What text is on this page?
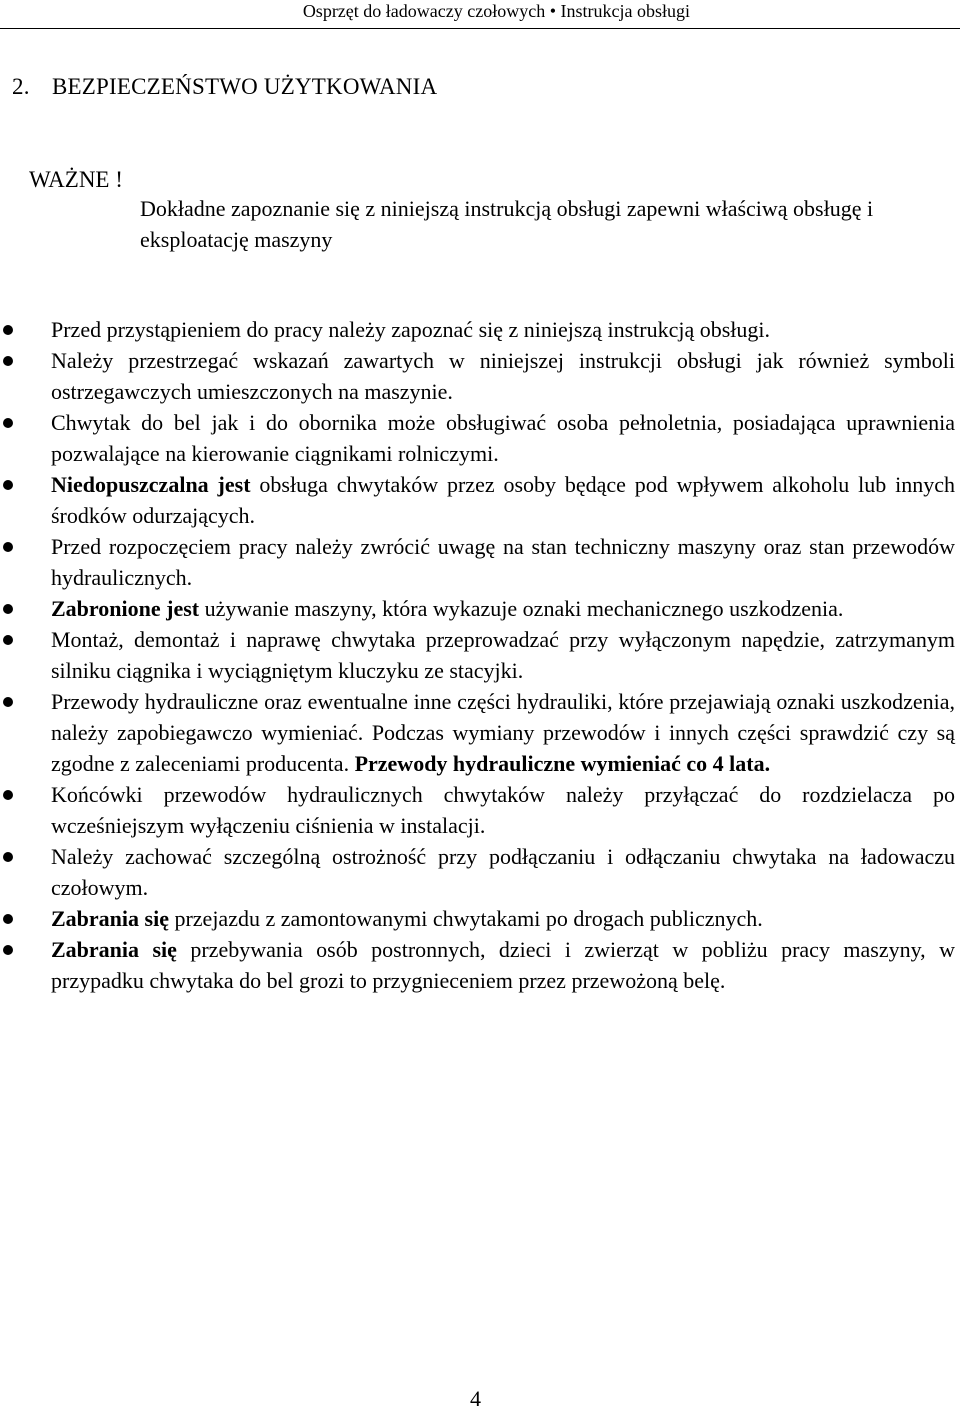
Osprzęt do ładowaczy czołowych • Instrukcja obsługi
2. BEZPIECZEŃSTWO UŻYTKOWANIA
WAŻNE !
Dokładne zapoznanie się z niniejszą instrukcją obsługi zapewni właściwą obsługę i eksploatację maszyny
Przed przystąpieniem do pracy należy zapoznać się z niniejszą instrukcją obsługi.
Należy przestrzegać wskazań zawartych w niniejszej instrukcji obsługi jak również symboli ostrzegawczych umieszczonych na maszynie.
Chwytak do bel jak i do obornika może obsługiwać osoba pełnoletnia, posiadająca uprawnienia pozwalające na kierowanie ciągnikami rolniczymi.
Niedopuszczalna jest obsługa chwytaków przez osoby będące pod wpływem alkoholu lub innych środków odurzających.
Przed rozpoczęciem pracy należy zwrócić uwagę na stan techniczny maszyny oraz stan przewodów hydraulicznych.
Zabronione jest używanie maszyny, która wykazuje oznaki mechanicznego uszkodzenia.
Montaż, demontaż i naprawę chwytaka przeprowadzać przy wyłączonym napędzie, zatrzymanym silniku ciągnika i wyciągniętym kluczyku ze stacyjki.
Przewody hydrauliczne oraz ewentualne inne części hydrauliki, które przejawiają oznaki uszkodzenia, należy zapobiegawczo wymieniać. Podczas wymiany przewodów i innych części sprawdzić czy są zgodne z zaleceniami producenta. Przewody hydrauliczne wymieniać co 4 lata.
Końcówki przewodów hydraulicznych chwytaków należy przyłączać do rozdzielacza po wcześniejszym wyłączeniu ciśnienia w instalacji.
Należy zachować szczególną ostrożność przy podłączaniu i odłączaniu chwytaka na ładowaczu czołowym.
Zabrania się przejazdu z zamontowanymi chwytakami po drogach publicznych.
Zabrania się przebywania osób postronnych, dzieci i zwierząt w pobliżu pracy maszyny, w przypadku chwytaka do bel grozi to przygnieceniem przez przewożoną belę.
4
